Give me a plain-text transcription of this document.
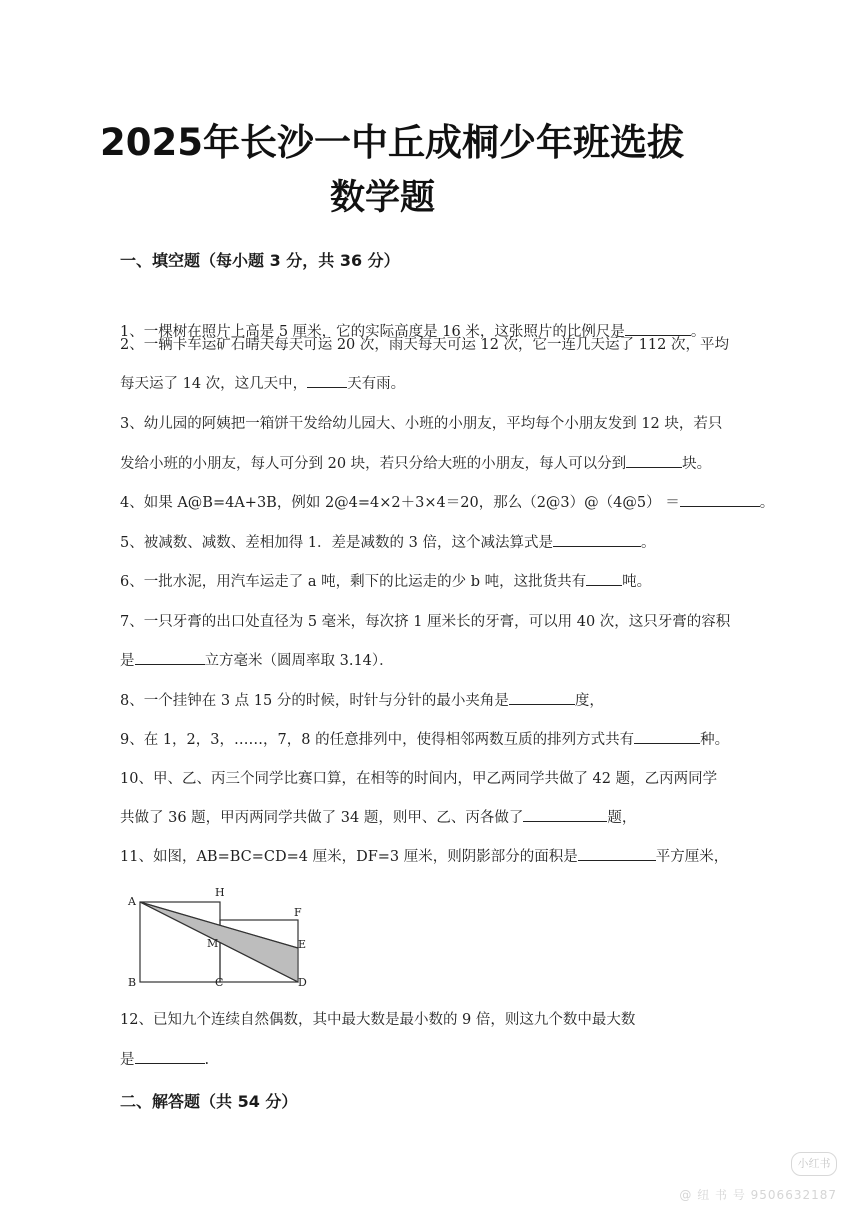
2025年长沙一中丘成桐少年班选拔
数学题
一、填空题（每小题 3 分，共 36 分）
1、一棵树在照片上高是 5 厘米，它的实际高度是 16 米，这张照片的比例尺是	。
2、一辆卡车运矿石晴天每天可运 20 次，雨天每天可运 12 次，它一连几天运了 112 次，平均
每天运了 14 次，这几天中，	天有雨。
3、幼儿园的阿姨把一箱饼干发给幼儿园大、小班的小朋友，平均每个小朋友发到 12 块，若只
发给小班的小朋友，每人可分到 20 块，若只分给大班的小朋友，每人可以分到	块。
4、如果 A@B=4A+3B，例如 2@4=4×2＋3×4＝20，那么（2@3）@（4@5） ＝	。
5、被减数、减数、差相加得 1．差是减数的 3 倍，这个减法算式是	。
6、一批水泥，用汽车运走了 a 吨，剩下的比运走的少 b 吨，这批货共有 吨。
7、一只牙膏的出口处直径为 5 毫米，每次挤 1 厘米长的牙膏，可以用 40 次，这只牙膏的容积
是	立方毫米（圆周率取 3.14）．
8、一个挂钟在 3 点 15 分的时候，时针与分针的最小夹角是	度，
9、在 1，2，3，……，7，8 的任意排列中，使得相邻两数互质的排列方式共有	种。
10、甲、乙、丙三个同学比赛口算，在相等的时间内，甲乙两同学共做了 42 题，乙丙两同学
共做了 36 题，甲丙两同学共做了 34 题，则甲、乙、丙各做了	题，
11、如图，AB=BC=CD=4 厘米，DF=3 厘米，则阴影部分的面积是	平方厘米，
A
B	C	D
E
F
H
M
12、已知九个连续自然偶数，其中最大数是最小数的 9 倍，则这九个数中最大数
是	.
二、解答题（共 54 分）
小红书
@ 纽 书 号 9506632187
